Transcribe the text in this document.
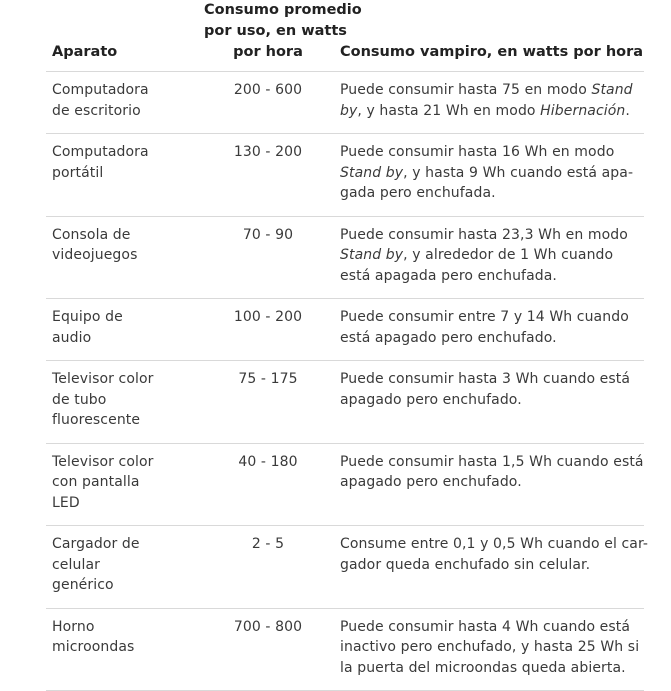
Aparato	Consumo promedio
por uso, en watts
por hora	Consumo vampiro, en watts por hora

Computadora
de escritorio	200 - 600	Puede consumir hasta 75 en modo Stand
by, y hasta 21 Wh en modo Hibernación.

Computadora
portátil	130 - 200	Puede consumir hasta 16 Wh en modo
Stand by, y hasta 9 Wh cuando está apa-
gada pero enchufada.

Consola de
videojuegos	70 - 90	Puede consumir hasta 23,3 Wh en modo
Stand by, y alrededor de 1 Wh cuando
está apagada pero enchufada.

Equipo de
audio	100 - 200	Puede consumir entre 7 y 14 Wh cuando
está apagado pero enchufado.

Televisor color
de tubo
fluorescente	75 - 175	Puede consumir hasta 3 Wh cuando está
apagado pero enchufado.

Televisor color
con pantalla
LED	40 - 180	Puede consumir hasta 1,5 Wh cuando está
apagado pero enchufado.

Cargador de
celular
genérico	2 - 5	Consume entre 0,1 y 0,5 Wh cuando el car-
gador queda enchufado sin celular.

Horno
microondas	700 - 800	Puede consumir hasta 4 Wh cuando está
inactivo pero enchufado, y hasta 25 Wh si
la puerta del microondas queda abierta.
